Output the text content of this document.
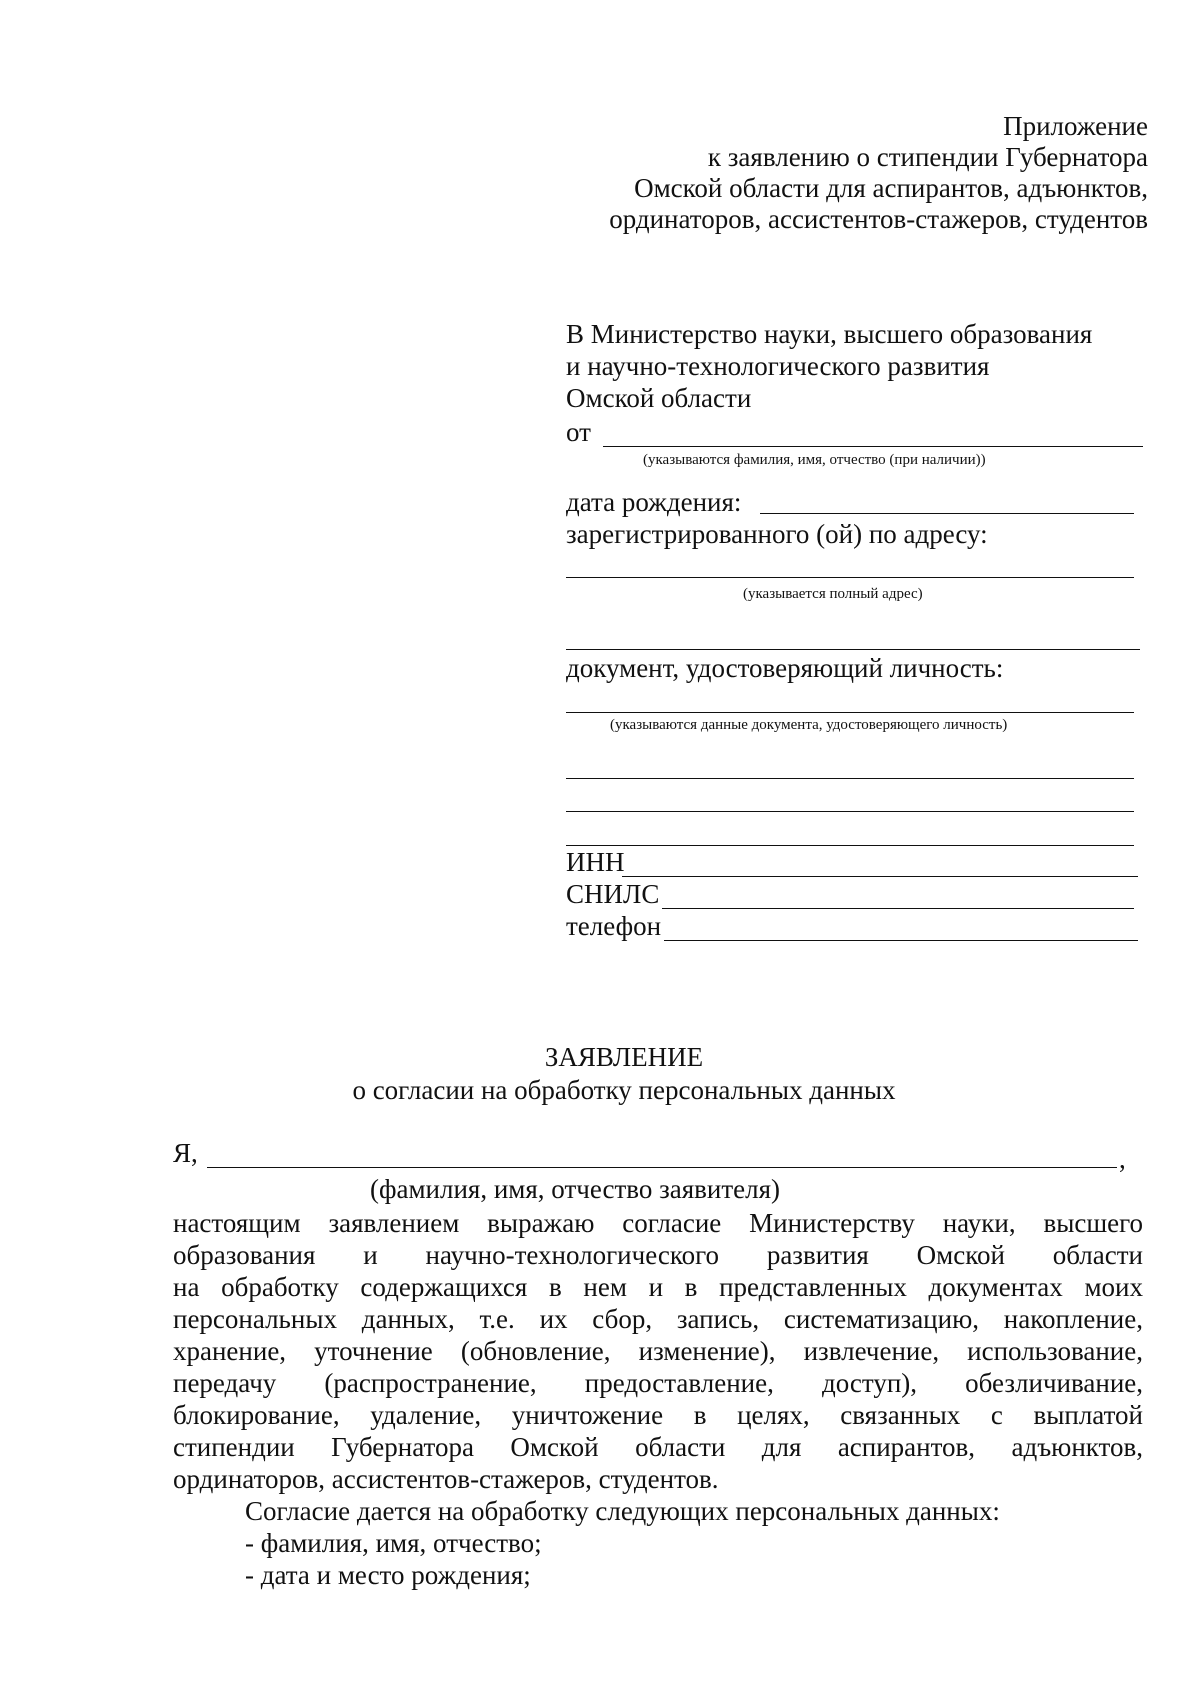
Приложение
к заявлению о стипендии Губернатора
Омской области для аспирантов, адъюнктов,
ординаторов, ассистентов-стажеров, студентов
В Министерство науки, высшего образования
и научно-технологического развития
Омской области
от
(указываются фамилия, имя, отчество (при наличии))
дата рождения:
зарегистрированного (ой) по адресу:
(указывается полный адрес)
документ, удостоверяющий личность:
(указываются данные документа, удостоверяющего личность)
ИНН
СНИЛС
телефон
ЗАЯВЛЕНИЕ
о согласии на обработку персональных данных
Я,	,
(фамилия, имя, отчество заявителя)
настоящим заявлением выражаю согласие Министерству науки, высшего
образования и научно-технологического развития Омской области
на обработку содержащихся в нем и в представленных документах моих
персональных данных, т.е. их сбор, запись, систематизацию, накопление,
хранение, уточнение (обновление, изменение), извлечение, использование,
передачу (распространение, предоставление, доступ), обезличивание,
блокирование, удаление, уничтожение в целях, связанных с выплатой
стипендии Губернатора Омской области для аспирантов, адъюнктов,
ординаторов, ассистентов-стажеров, студентов.
Согласие дается на обработку следующих персональных данных:
- фамилия, имя, отчество;
- дата и место рождения;
